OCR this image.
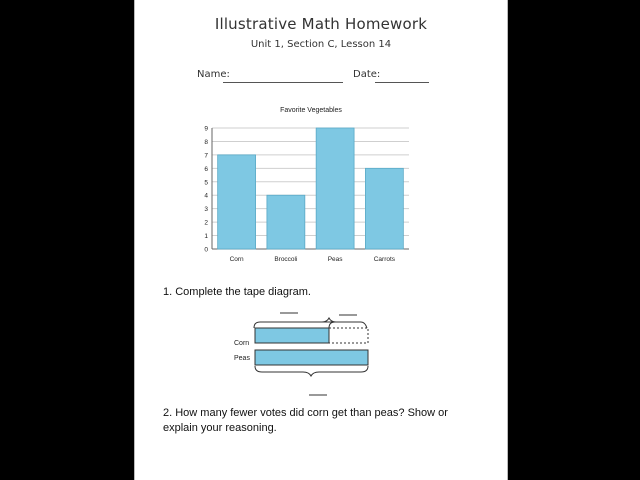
Illustrative Math Homework
Unit 1, Section C, Lesson 14
Name:	Date:
Favorite Vegetables
0
1
2
3
4
5
6
7
8
9
Corn	Broccoli	Peas	Carrots
1. Complete the tape diagram.
Corn
Peas
2. How many fewer votes did corn get than peas? Show or explain your reasoning.
